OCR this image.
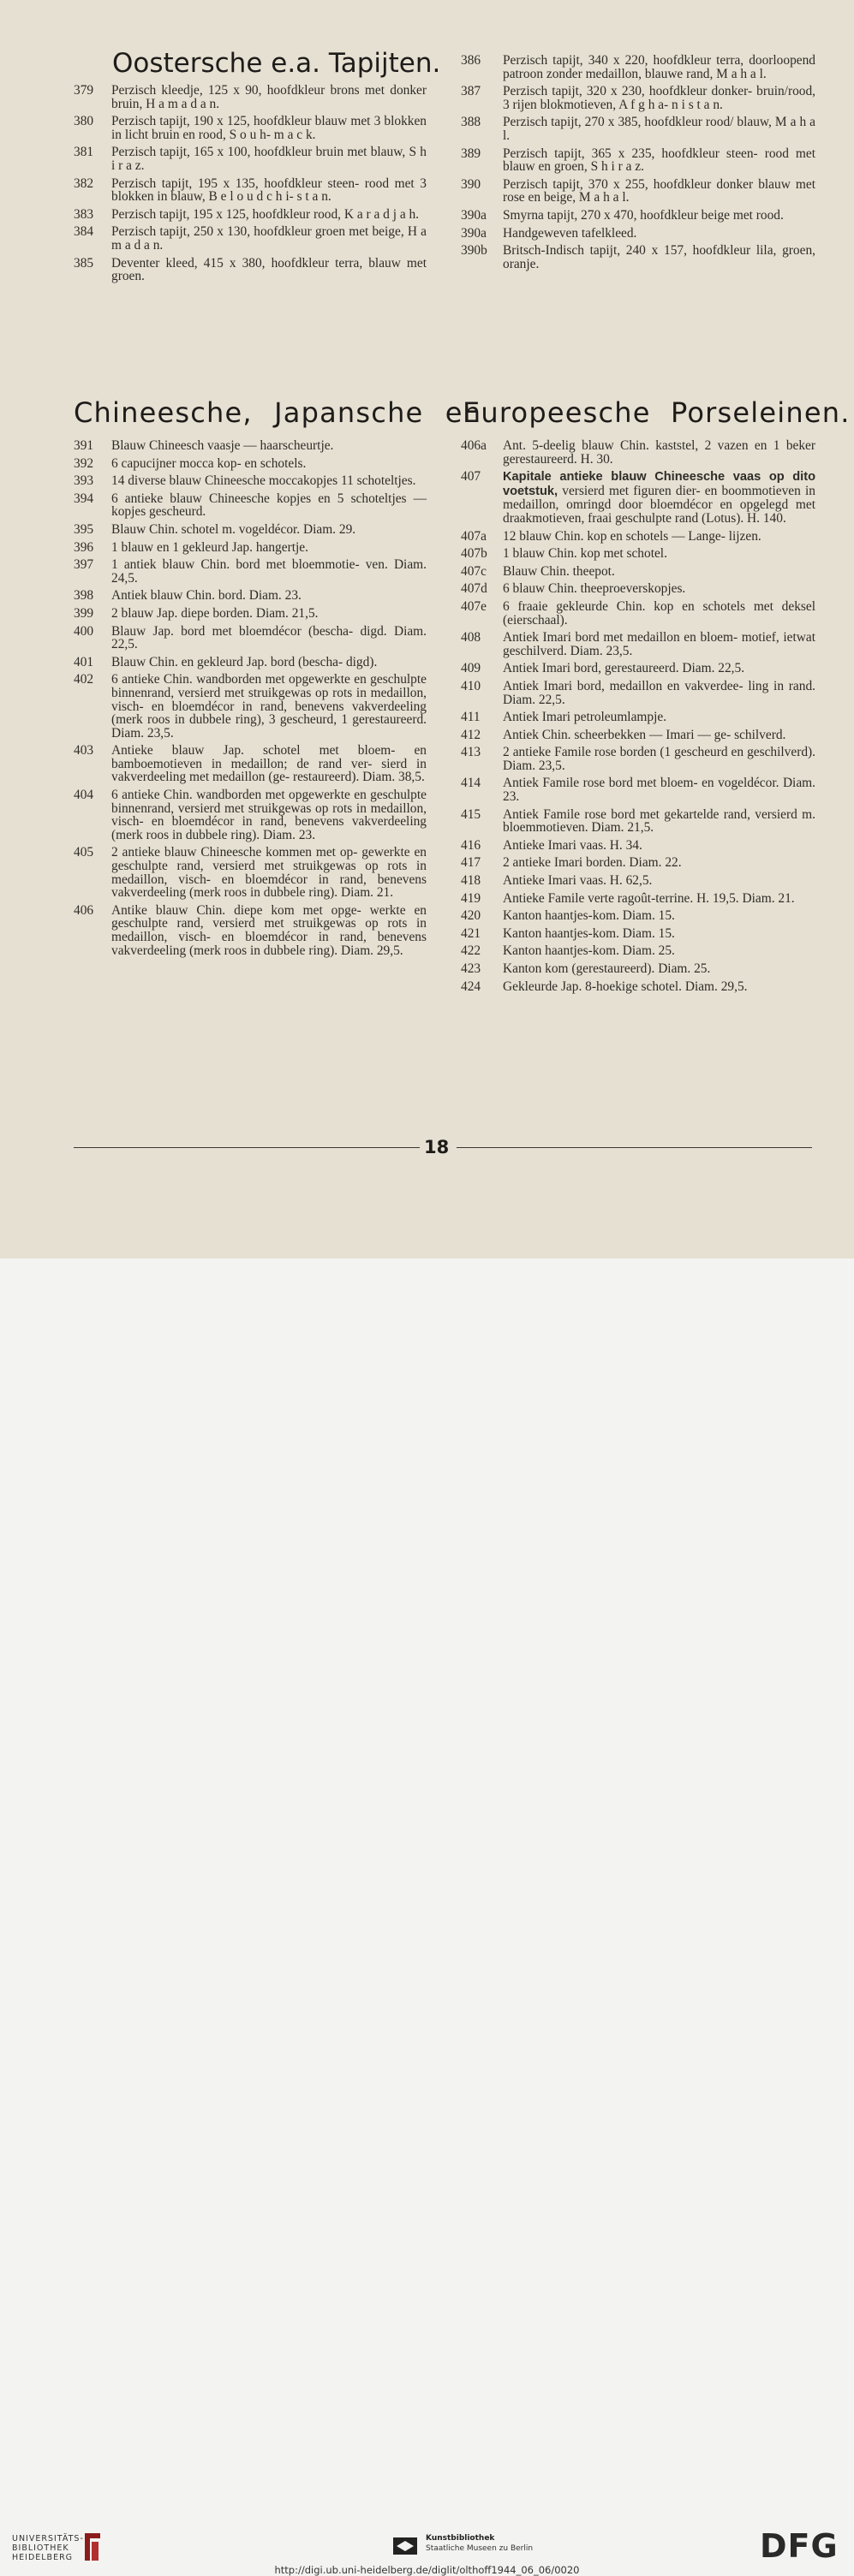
Oostersche e.a. Tapijten.
379	Perzisch kleedje, 125 x 90, hoofdkleur brons met donker bruin, H a m a d a n.
380	Perzisch tapijt, 190 x 125, hoofdkleur blauw met 3 blokken in licht bruin en rood, S o u h- m a c k.
381	Perzisch tapijt, 165 x 100, hoofdkleur bruin met blauw, S h i r a z.
382	Perzisch tapijt, 195 x 135, hoofdkleur steen- rood met 3 blokken in blauw, B e l o u d c h i- s t a n.
383	Perzisch tapijt, 195 x 125, hoofdkleur rood, K a r a d j a h.
384	Perzisch tapijt, 250 x 130, hoofdkleur groen met beige, H a m a d a n.
385	Deventer kleed, 415 x 380, hoofdkleur terra, blauw met groen.
386	Perzisch tapijt, 340 x 220, hoofdkleur terra, doorloopend patroon zonder medaillon, blauwe rand, M a h a l.
387	Perzisch tapijt, 320 x 230, hoofdkleur donker- bruin/rood, 3 rijen blokmotieven, A f g h a- n i s t a n.
388	Perzisch tapijt, 270 x 385, hoofdkleur rood/ blauw, M a h a l.
389	Perzisch tapijt, 365 x 235, hoofdkleur steen- rood met blauw en groen, S h i r a z.
390	Perzisch tapijt, 370 x 255, hoofdkleur donker blauw met rose en beige, M a h a l.
390a	Smyrna tapijt, 270 x 470, hoofdkleur beige met rood.
390a	Handgeweven tafelkleed.
390b	Britsch-Indisch tapijt, 240 x 157, hoofdkleur lila, groen, oranje.
Chineesche, Japansche en
Europeesche Porseleinen.
391	Blauw Chineesch vaasje — haarscheurtje.
392	6 capucijner mocca kop- en schotels.
393	14 diverse blauw Chineesche moccakopjes 11 schoteltjes.
394	6 antieke blauw Chineesche kopjes en 5 schoteltjes — kopjes gescheurd.
395	Blauw Chin. schotel m. vogeldécor. Diam. 29.
396	1 blauw en 1 gekleurd Jap. hangertje.
397	1 antiek blauw Chin. bord met bloemmotie- ven. Diam. 24,5.
398	Antiek blauw Chin. bord. Diam. 23.
399	2 blauw Jap. diepe borden. Diam. 21,5.
400	Blauw Jap. bord met bloemdécor (bescha- digd. Diam. 22,5.
401	Blauw Chin. en gekleurd Jap. bord (bescha- digd).
402	6 antieke Chin. wandborden met opgewerkte en geschulpte binnenrand, versierd met struikgewas op rots in medaillon, visch- en bloemdécor in rand, benevens vakverdeeling (merk roos in dubbele ring), 3 gescheurd, 1 gerestaureerd. Diam. 23,5.
403	Antieke blauw Jap. schotel met bloem- en bamboemotieven in medaillon; de rand ver- sierd in vakverdeeling met medaillon (ge- restaureerd). Diam. 38,5.
404	6 antieke Chin. wandborden met opgewerkte en geschulpte binnenrand, versierd met struikgewas op rots in medaillon, visch- en bloemdécor in rand, benevens vakverdeeling (merk roos in dubbele ring). Diam. 23.
405	2 antieke blauw Chineesche kommen met op- gewerkte en geschulpte rand, versierd met struikgewas op rots in medaillon, visch- en bloemdécor in rand, benevens vakverdeeling (merk roos in dubbele ring). Diam. 21.
406	Antike blauw Chin. diepe kom met opge- werkte en geschulpte rand, versierd met struikgewas op rots in medaillon, visch- en bloemdécor in rand, benevens vakverdeeling (merk roos in dubbele ring). Diam. 29,5.
406a	Ant. 5-deelig blauw Chin. kaststel, 2 vazen en 1 beker gerestaureerd. H. 30.
407	Kapitale antieke blauw Chineesche vaas op dito voetstuk, versierd met figuren dier- en boommotieven in medaillon, omringd door bloemdécor en opgelegd met draakmotieven, fraai geschulpte rand (Lotus). H. 140.
407a	12 blauw Chin. kop en schotels — Lange- lijzen.
407b	1 blauw Chin. kop met schotel.
407c	Blauw Chin. theepot.
407d	6 blauw Chin. theeproeverskopjes.
407e	6 fraaie gekleurde Chin. kop en schotels met deksel (eierschaal).
408	Antiek Imari bord met medaillon en bloem- motief, ietwat geschilverd. Diam. 23,5.
409	Antiek Imari bord, gerestaureerd. Diam. 22,5.
410	Antiek Imari bord, medaillon en vakverdee- ling in rand. Diam. 22,5.
411	Antiek Imari petroleumlampje.
412	Antiek Chin. scheerbekken — Imari — ge- schilverd.
413	2 antieke Famile rose borden (1 gescheurd en geschilverd). Diam. 23,5.
414	Antiek Famile rose bord met bloem- en vogeldécor. Diam. 23.
415	Antiek Famile rose bord met gekartelde rand, versierd m. bloemmotieven. Diam. 21,5.
416	Antieke Imari vaas. H. 34.
417	2 antieke Imari borden. Diam. 22.
418	Antieke Imari vaas. H. 62,5.
419	Antieke Famile verte ragoût-terrine. H. 19,5. Diam. 21.
420	Kanton haantjes-kom. Diam. 15.
421	Kanton haantjes-kom. Diam. 15.
422	Kanton haantjes-kom. Diam. 25.
423	Kanton kom (gerestaureerd). Diam. 25.
424	Gekleurde Jap. 8-hoekige schotel. Diam. 29,5.
18
UNIVERSITÄTS-
BIBLIOTHEK
HEIDELBERG
Kunstbibliothek
Staatliche Museen zu Berlin	DFG
http://digi.ub.uni-heidelberg.de/diglit/olthoff1944_06_06/0020
